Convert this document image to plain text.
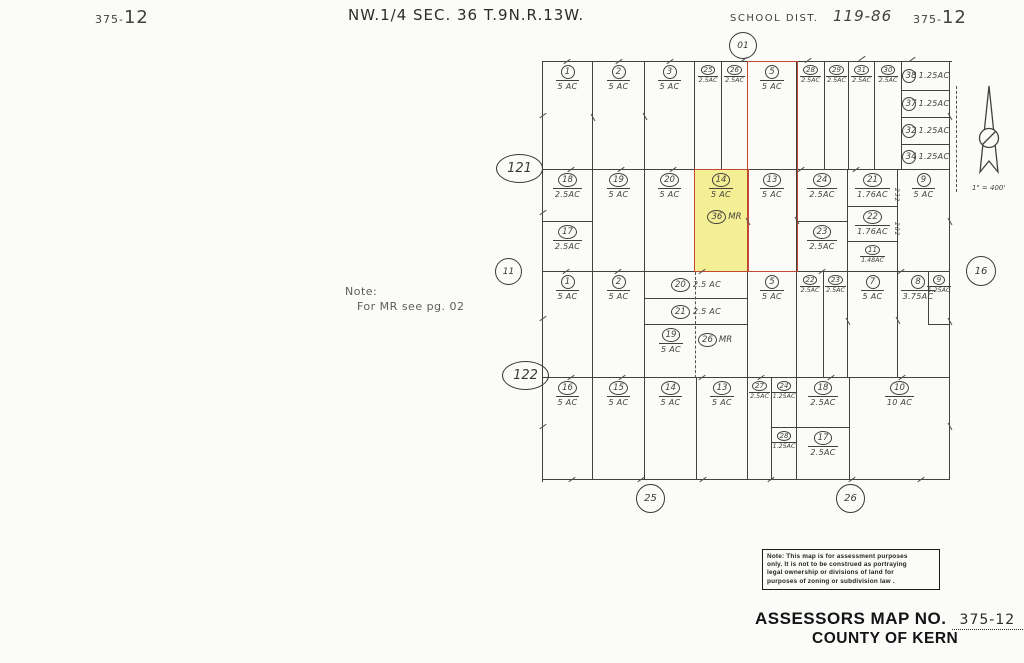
375-12	NW.1/4 SEC. 36 T.9N.R.13W.	SCHOOL DIST. 119-86 375-12
Note:
For MR see pg. 02
1
5 AC
2
5 AC
3
5 AC
25
2.5AC
26
2.5AC
5
5 AC
28
2.5AC
29
2.5AC
31
2.5AC
30
2.5AC 38 1.25AC
37 1.25AC
32 1.25AC
34 1.25AC
18
2.5AC
17
2.5AC
19
5 AC
20
5 AC
14
5 AC
36 MR
13
5 AC
24
2.5AC
23
2.5AC
21
1.76AC
22
1.76AC
11
1.48AC
9
5 AC
1
5 AC
2
5 AC
20 2.5 AC
21 2.5 AC
19
5 AC
26 MR
5
5 AC
22
2.5AC
23
2.5AC
7
5 AC
8
3.75AC
9
1.25AC
16
5 AC
15
5 AC
14
5 AC
13
5 AC
27
2.5AC
24
1.25AC
28
1.25AC
18
2.5AC
17
2.5AC
10
10 AC
232
282
01
121
11
122
16
25	26
1" = 400'
Note: This map is for assessment purposes
only. It is not to be construed as portraying
legal ownership or divisions of land for
purposes of zoning or subdivision law .
ASSESSORS MAP NO. 375-12
COUNTY OF KERN
